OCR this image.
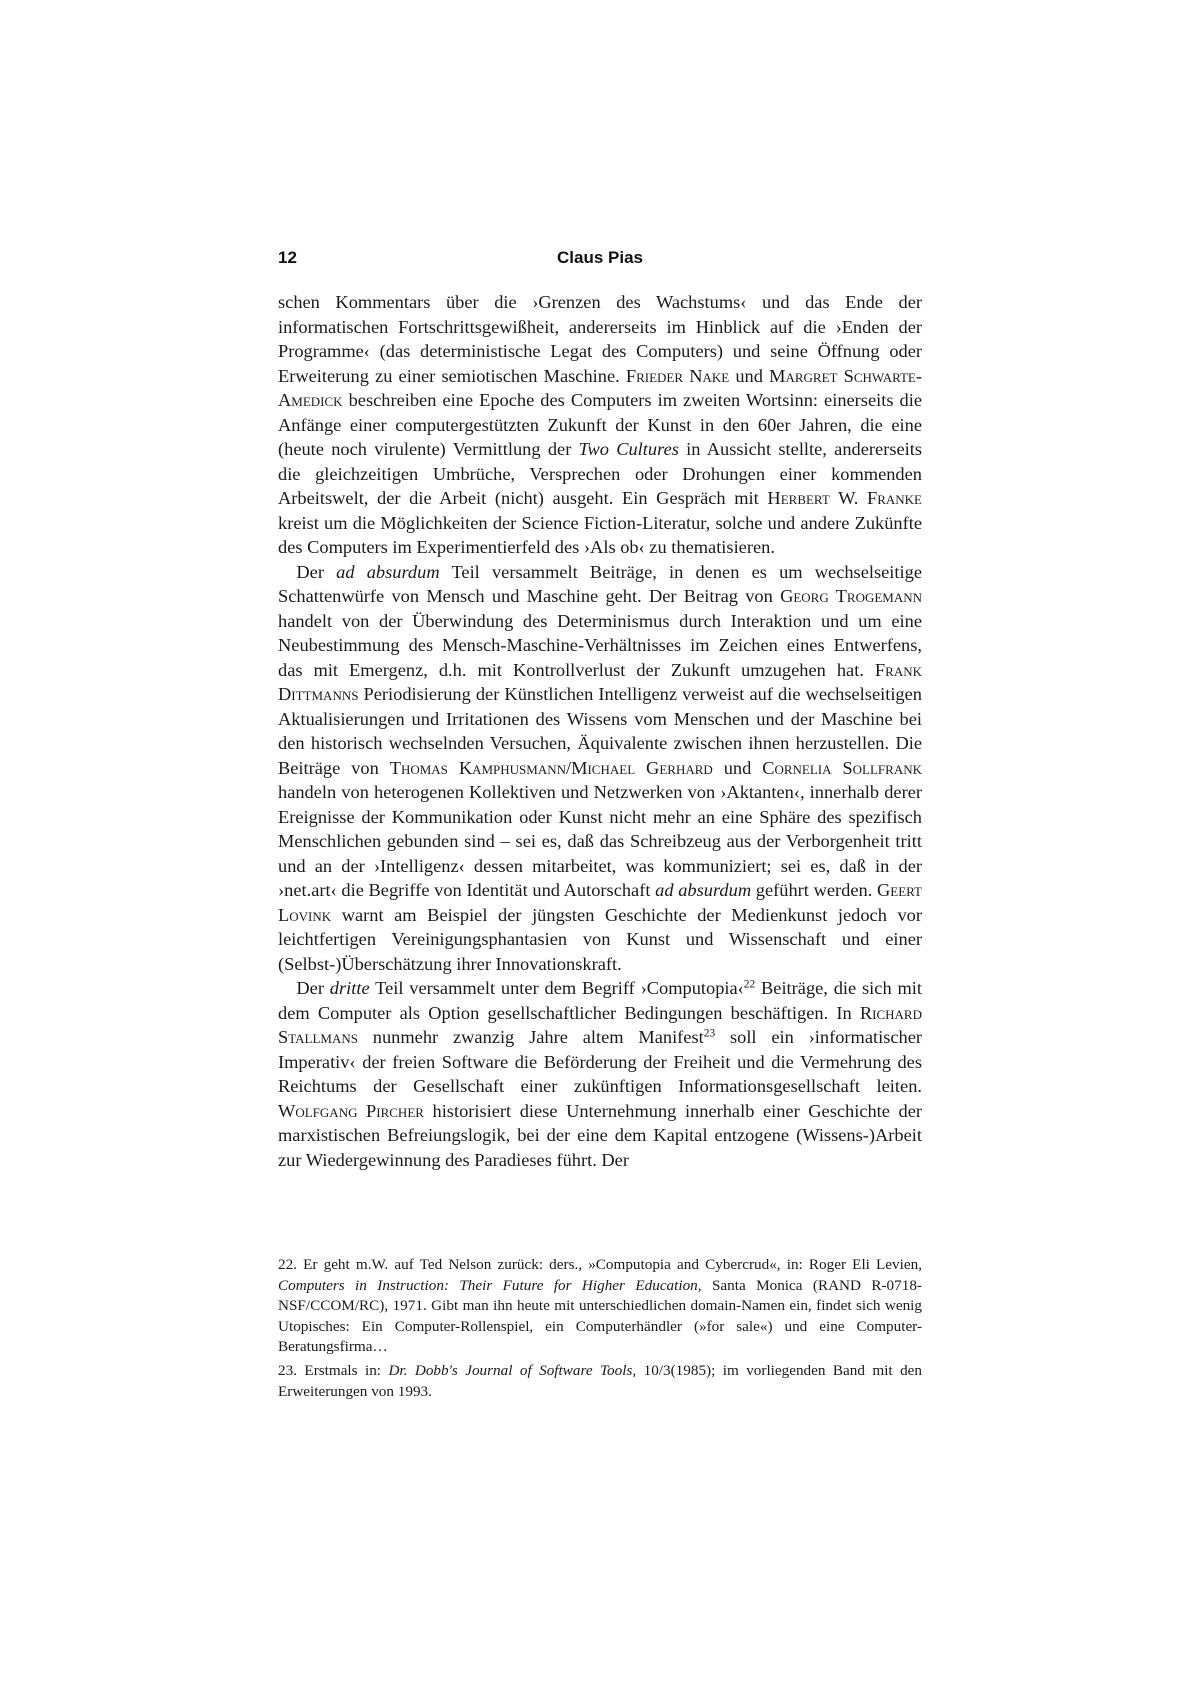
12	Claus Pias

schen Kommentars über die ›Grenzen des Wachstums‹ und das Ende der informatischen Fortschrittsgewißheit, andererseits im Hinblick auf die ›Enden der Programme‹ (das deterministische Legat des Computers) und seine Öffnung oder Erweiterung zu einer semiotischen Maschine. Frieder Nake und Margret Schwarte-Amedick beschreiben eine Epoche des Computers im zweiten Wortsinn: einerseits die Anfänge einer computergestützten Zukunft der Kunst in den 60er Jahren, die eine (heute noch virulente) Vermittlung der Two Cultures in Aussicht stellte, andererseits die gleichzeitigen Umbrüche, Versprechen oder Drohungen einer kommenden Arbeitswelt, der die Arbeit (nicht) ausgeht. Ein Gespräch mit Herbert W. Franke kreist um die Möglichkeiten der Science Fiction-Literatur, solche und andere Zukünfte des Computers im Experimentierfeld des ›Als ob‹ zu thematisieren.

 Der ad absurdum Teil versammelt Beiträge, in denen es um wechselseitige Schattenwürfe von Mensch und Maschine geht. Der Beitrag von Georg Trogemann handelt von der Überwindung des Determinismus durch Interaktion und um eine Neubestimmung des Mensch-Maschine-Verhältnisses im Zeichen eines Entwerfens, das mit Emergenz, d.h. mit Kontrollverlust der Zukunft umzugehen hat. Frank Dittmanns Periodisierung der Künstlichen Intelligenz verweist auf die wechselseitigen Aktualisierungen und Irritationen des Wissens vom Menschen und der Maschine bei den historisch wechselnden Versuchen, Äquivalente zwischen ihnen herzustellen. Die Beiträge von Thomas Kamphusmann/Michael Gerhard und Cornelia Sollfrank handeln von heterogenen Kollektiven und Netzwerken von ›Aktanten‹, innerhalb derer Ereignisse der Kommunikation oder Kunst nicht mehr an eine Sphäre des spezifisch Menschlichen gebunden sind – sei es, daß das Schreibzeug aus der Verborgenheit tritt und an der ›Intelligenz‹ dessen mitarbeitet, was kommuniziert; sei es, daß in der ›net.art‹ die Begriffe von Identität und Autorschaft ad absurdum geführt werden. Geert Lovink warnt am Beispiel der jüngsten Geschichte der Medienkunst jedoch vor leichtfertigen Vereinigungsphantasien von Kunst und Wissenschaft und einer (Selbst-)Überschätzung ihrer Innovationskraft.

 Der dritte Teil versammelt unter dem Begriff ›Computopia‹$^{22}$ Beiträge, die sich mit dem Computer als Option gesellschaftlicher Bedingungen beschäftigen. In Richard Stallmans nunmehr zwanzig Jahre altem Manifest$^{23}$ soll ein ›informatischer Imperativ‹ der freien Software die Beförderung der Freiheit und die Vermehrung des Reichtums der Gesellschaft einer zukünftigen Informationsgesellschaft leiten. Wolfgang Pircher historisiert diese Unternehmung innerhalb einer Geschichte der marxistischen Befreiungslogik, bei der eine dem Kapital entzogene (Wissens-)Arbeit zur Wiedergewinnung des Paradieses führt. Der

22. Er geht m.W. auf Ted Nelson zurück: ders., »Computopia and Cybercrud«, in: Roger Eli Levien, Computers in Instruction: Their Future for Higher Education, Santa Monica (RAND R-0718-NSF/CCOM/RC), 1971. Gibt man ihn heute mit unterschiedlichen domain-Namen ein, findet sich wenig Utopisches: Ein Computer-Rollenspiel, ein Computerhändler (»for sale«) und eine Computer-Beratungsfirma…

23. Erstmals in: Dr. Dobb's Journal of Software Tools, 10/3(1985); im vorliegenden Band mit den Erweiterungen von 1993.
